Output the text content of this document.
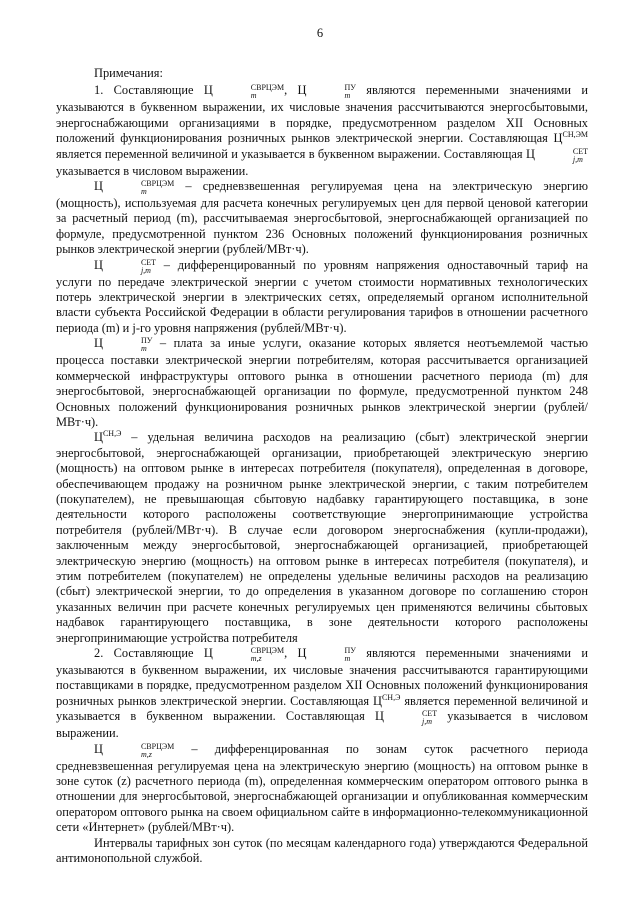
6

Примечания:

1. Составляющие Ц	СВРЦЭМ
m	, Ц	ПУ
m являются переменными значениями и указываются в буквенном выражении, их числовые значения рассчитываются энергосбытовыми, энергоснабжающими организациями в порядке, предусмотренном разделом XII Основных положений функционирования розничных рынков электрической энергии. Составляющая $Ц^{СН,ЭМ}$ является переменной величиной и указывается в буквенном выражении. Составляющая Ц	СЕТ
j,m
указывается в числовом выражении.

Ц	СВРЦЭМ
m	– средневзвешенная регулируемая цена на электрическую энергию (мощность), используемая для расчета конечных регулируемых цен для первой ценовой категории за расчетный период (m), рассчитываемая энергосбытовой, энергоснабжающей организацией по формуле, предусмотренной пунктом 236 Основных положений функционирования розничных рынков электрической энергии (рублей/МВт·ч).

Ц	СЕТ
j,m – дифференцированный по уровням напряжения одноставочный тариф на услуги по передаче электрической энергии с учетом стоимости нормативных технологических потерь электрической энергии в электрических сетях, определяемый органом исполнительной власти субъекта Российской Федерации в области регулирования тарифов в отношении расчетного периода (m) и j-го уровня напряжения (рублей/МВт·ч).

Ц	ПУ
m – плата за иные услуги, оказание которых является неотъемлемой частью процесса поставки электрической энергии потребителям, которая рассчитывается организацией коммерческой инфраструктуры оптового рынка в отношении расчетного периода (m) для энергосбытовой, энергоснабжающей организации по формуле, предусмотренной пунктом 248 Основных положений функционирования розничных рынков электрической энергии (рублей/МВт·ч).

$Ц^{СН,Э}$ – удельная величина расходов на реализацию (сбыт) электрической энергии энергосбытовой, энергоснабжающей организации, приобретающей электрическую энергию (мощность) на оптовом рынке в интересах потребителя (покупателя), определенная в договоре, обеспечивающем продажу на розничном рынке электрической энергии, с таким потребителем (покупателем), не превышающая сбытовую надбавку гарантирующего поставщика, в зоне деятельности которого расположены соответствующие энергопринимающие устройства потребителя (рублей/МВт·ч). В случае если договором энергоснабжения (купли-продажи), заключенным между энергосбытовой, энергоснабжающей организацией, приобретающей электрическую энергию (мощность) на оптовом рынке в интересах потребителя (покупателя), и этим потребителем (покупателем) не определены удельные величины расходов на реализацию (сбыт) электрической энергии, то до определения в указанном договоре по соглашению сторон указанных величин при расчете конечных регулируемых цен применяются величины сбытовых надбавок гарантирующего поставщика, в зоне деятельности которого расположены энергопринимающие устройства потребителя

2. Составляющие Ц	СВРЦЭМ
m,z	, Ц	ПУ
m являются переменными значениями и указываются в буквенном выражении, их числовые значения рассчитываются гарантирующими поставщиками в порядке, предусмотренном разделом XII Основных положений функционирования розничных рынков электрической энергии. Составляющая $Ц^{СН,Э}$ является переменной величиной и указывается в буквенном выражении. Составляющая Ц	СЕТ
j,m указывается в числовом выражении.

Ц	СВРЦЭМ
m,z	– дифференцированная по зонам суток расчетного периода средневзвешенная регулируемая цена на электрическую энергию (мощность) на оптовом рынке в зоне суток (z) расчетного периода (m), определенная коммерческим оператором оптового рынка в отношении для энергосбытовой, энергоснабжающей организации и опубликованная коммерческим оператором оптового рынка на своем официальном сайте в информационно-телекоммуникационной сети «Интернет» (рублей/МВт·ч).

Интервалы тарифных зон суток (по месяцам календарного года) утверждаются Федеральной антимонопольной службой.
